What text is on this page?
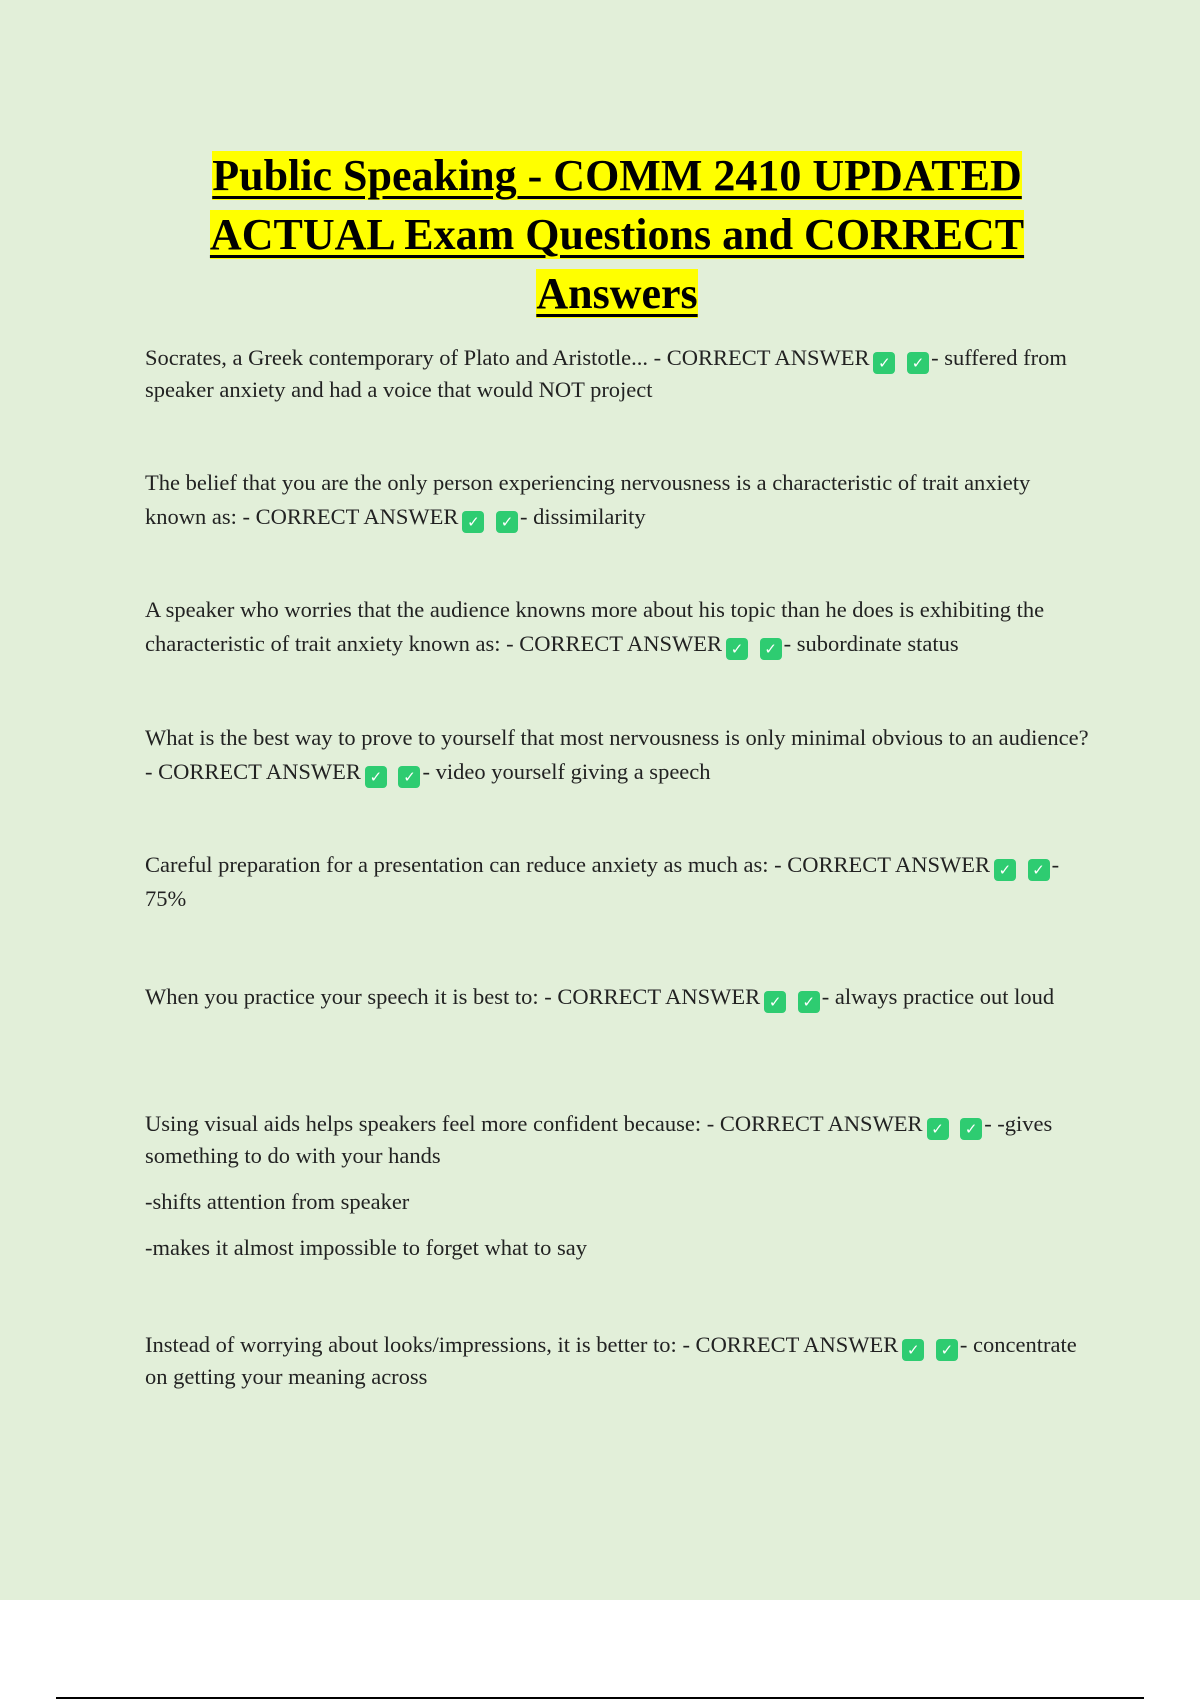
Public Speaking - COMM 2410 UPDATED
ACTUAL Exam Questions and CORRECT
Answers

Socrates, a Greek contemporary of Plato and Aristotle... - CORRECT ANSWER ✓ ✓ - suffered from speaker anxiety and had a voice that would NOT project

The belief that you are the only person experiencing nervousness is a characteristic of trait anxiety known as: - CORRECT ANSWER ✓ ✓ - dissimilarity

A speaker who worries that the audience knowns more about his topic than he does is exhibiting the characteristic of trait anxiety known as: - CORRECT ANSWER ✓ ✓ - subordinate status

What is the best way to prove to yourself that most nervousness is only minimal obvious to an audience? - CORRECT ANSWER ✓ ✓ - video yourself giving a speech

Careful preparation for a presentation can reduce anxiety as much as: - CORRECT ANSWER ✓ ✓ - 75%

When you practice your speech it is best to: - CORRECT ANSWER ✓ ✓ - always practice out loud

Using visual aids helps speakers feel more confident because: - CORRECT ANSWER ✓ ✓ - -gives something to do with your hands
-shifts attention from speaker
-makes it almost impossible to forget what to say

Instead of worrying about looks/impressions, it is better to: - CORRECT ANSWER ✓ ✓ - concentrate on getting your meaning across
